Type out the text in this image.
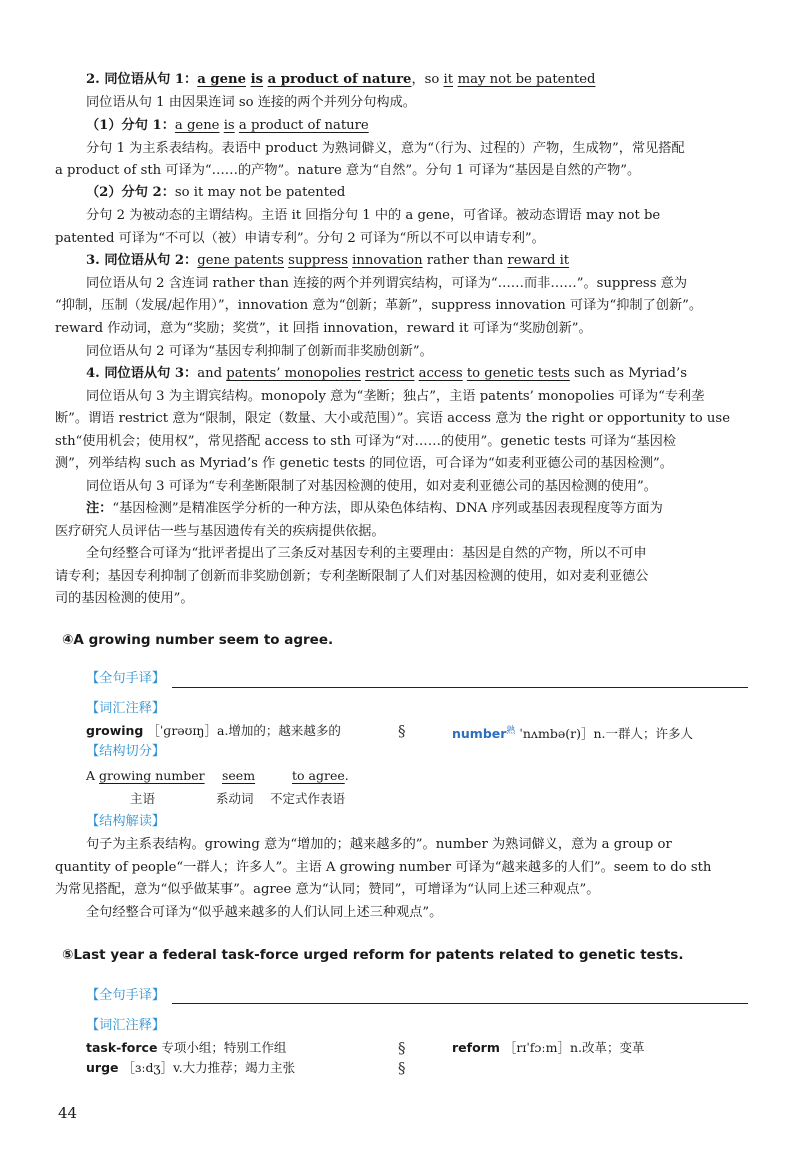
2. 同位语从句 1：a gene is a product of nature，so it may not be patented
同位语从句 1 由因果连词 so 连接的两个并列分句构成。
（1）分句 1：a gene is a product of nature
分句 1 为主系表结构。表语中 product 为熟词僻义，意为“（行为、过程的）产物，生成物”，常见搭配
a product of sth 可译为“……的产物”。nature 意为“自然”。分句 1 可译为“基因是自然的产物”。
（2）分句 2：so it may not be patented
分句 2 为被动态的主谓结构。主语 it 回指分句 1 中的 a gene，可省译。被动态谓语 may not be
patented 可译为“不可以（被）申请专利”。分句 2 可译为“所以不可以申请专利”。
3. 同位语从句 2：gene patents suppress innovation rather than reward it
同位语从句 2 含连词 rather than 连接的两个并列谓宾结构，可译为“……而非……”。suppress 意为
“抑制，压制（发展/起作用）”，innovation 意为“创新；革新”，suppress innovation 可译为“抑制了创新”。
reward 作动词，意为“奖励；奖赏”，it 回指 innovation，reward it 可译为“奖励创新”。
同位语从句 2 可译为“基因专利抑制了创新而非奖励创新”。
4. 同位语从句 3：and patents’ monopolies restrict access to genetic tests such as Myriad’s
同位语从句 3 为主谓宾结构。monopoly 意为“垄断；独占”，主语 patents’ monopolies 可译为“专利垄
断”。谓语 restrict 意为“限制，限定（数量、大小或范围）”。宾语 access 意为 the right or opportunity to use
sth“使用机会；使用权”，常见搭配 access to sth 可译为“对……的使用”。genetic tests 可译为“基因检
测”，列举结构 such as Myriad’s 作 genetic tests 的同位语，可合译为“如麦利亚德公司的基因检测”。
同位语从句 3 可译为“专利垄断限制了对基因检测的使用，如对麦利亚德公司的基因检测的使用”。
注：“基因检测”是精准医学分析的一种方法，即从染色体结构、DNA 序列或基因表现程度等方面为
医疗研究人员评估一些与基因遗传有关的疾病提供依据。
全句经整合可译为“批评者提出了三条反对基因专利的主要理由：基因是自然的产物，所以不可申
请专利；基因专利抑制了创新而非奖励创新；专利垄断限制了人们对基因检测的使用，如对麦利亚德公
司的基因检测的使用”。
④A growing number seem to agree.
【全句手译】
【词汇注释】
growing ［ˈɡrəʊɪŋ］a.增加的；越来越多的	§	number$^熟$ ˈnʌmbə(r)］n.一群人；许多人
【结构切分】
A growing number seem	to agree.
主语	系动词 不定式作表语
【结构解读】
句子为主系表结构。growing 意为“增加的；越来越多的”。number 为熟词僻义，意为 a group or
quantity of people“一群人；许多人”。主语 A growing number 可译为“越来越多的人们”。seem to do sth
为常见搭配，意为“似乎做某事”。agree 意为“认同；赞同”，可增译为“认同上述三种观点”。
全句经整合可译为“似乎越来越多的人们认同上述三种观点”。
⑤Last year a federal task-force urged reform for patents related to genetic tests.
【全句手译】
【词汇注释】
task-force 专项小组；特别工作组	§	reform ［rɪˈfɔːm］n.改革；变革
urge ［ɜːdʒ］v.大力推荐；竭力主张	§
44
